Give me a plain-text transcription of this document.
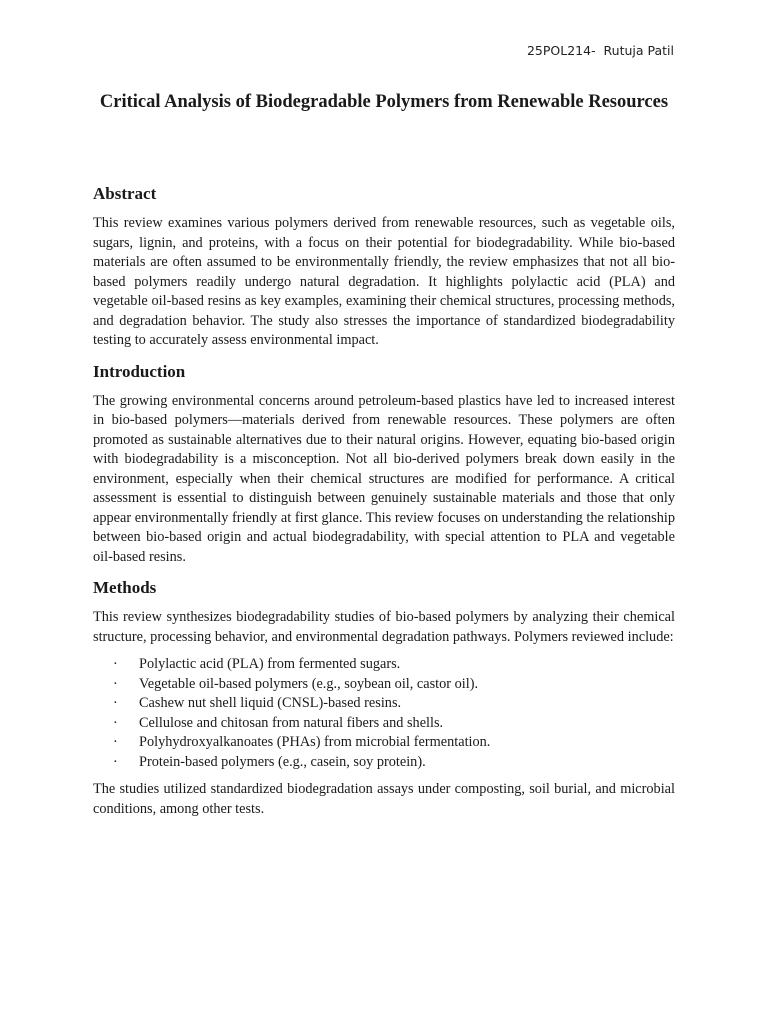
25POL214-  Rutuja Patil
Critical Analysis of Biodegradable Polymers from Renewable Resources
Abstract

This review examines various polymers derived from renewable resources, such as vegetable oils, sugars, lignin, and proteins, with a focus on their potential for biodegradability. While bio-based materials are often assumed to be environmentally friendly, the review emphasizes that not all bio-based polymers readily undergo natural degradation. It highlights polylactic acid (PLA) and vegetable oil-based resins as key examples, examining their chemical structures, processing methods, and degradation behavior. The study also stresses the importance of standardized biodegradability testing to accurately assess environmental impact.

Introduction

The growing environmental concerns around petroleum-based plastics have led to increased interest in bio-based polymers—materials derived from renewable resources. These polymers are often promoted as sustainable alternatives due to their natural origins. However, equating bio-based origin with biodegradability is a misconception. Not all bio-derived polymers break down easily in the environment, especially when their chemical structures are modified for performance. A critical assessment is essential to distinguish between genuinely sustainable materials and those that only appear environmentally friendly at first glance. This review focuses on understanding the relationship between bio-based origin and actual biodegradability, with special attention to PLA and vegetable oil-based resins.

Methods

This review synthesizes biodegradability studies of bio-based polymers by analyzing their chemical structure, processing behavior, and environmental degradation pathways. Polymers reviewed include:

· Polylactic acid (PLA) from fermented sugars.
· Vegetable oil-based polymers (e.g., soybean oil, castor oil).
· Cashew nut shell liquid (CNSL)-based resins.
· Cellulose and chitosan from natural fibers and shells.
· Polyhydroxyalkanoates (PHAs) from microbial fermentation.
· Protein-based polymers (e.g., casein, soy protein).

The studies utilized standardized biodegradation assays under composting, soil burial, and microbial conditions, among other tests.
